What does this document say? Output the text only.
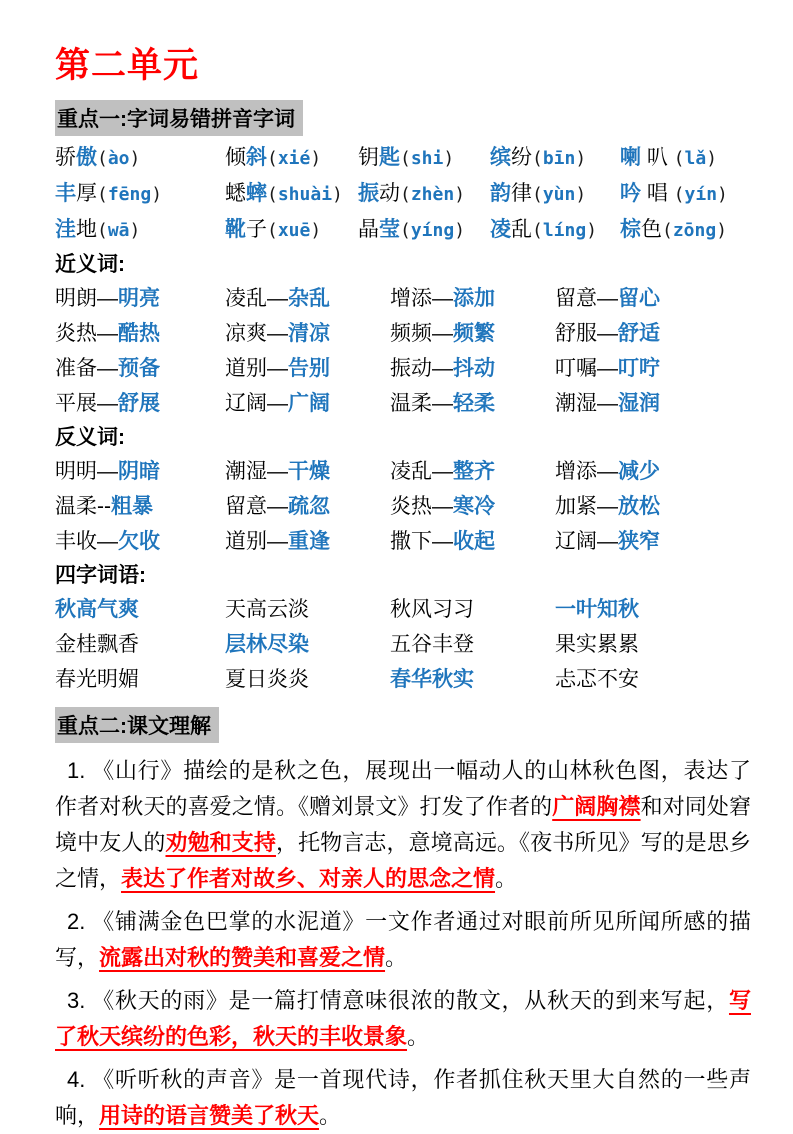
第二单元
重点一:字词易错拼音字词
骄傲(ào)	倾斜(xié)	钥匙(shi)	缤纷(bīn)	喇 叭 (lǎ)
丰厚(fēng)	蟋蟀(shuài) 振动(zhèn)	韵律(yùn)	吟 唱 (yín)
洼地(wā)	靴子(xuē)	晶莹(yíng)	凌乱(líng)	棕色(zōng)
近义词:
明朗—明亮	凌乱—杂乱	增添—添加	留意—留心
炎热—酷热	凉爽—清凉	频频—频繁	舒服—舒适
准备—预备	道别—告别	振动—抖动	叮嘱—叮咛
平展—舒展	辽阔—广阔	温柔—轻柔	潮湿—湿润
反义词:
明明—阴暗	潮湿—干燥	凌乱—整齐	增添—减少
温柔--粗暴	留意—疏忽	炎热—寒冷	加紧—放松
丰收—欠收	道别—重逢	撒下—收起	辽阔—狭窄
四字词语:
秋高气爽	天高云淡	秋风习习	一叶知秋
金桂飘香	层林尽染	五谷丰登	果实累累
春光明媚	夏日炎炎	春华秋实	忐忑不安
重点二:课文理解

1. 《山行》描绘的是秋之色，展现出一幅动人的山林秋色图，表达了作者对秋天的喜爱之情。《赠刘景文》打发了作者的广阔胸襟和对同处窘境中友人的劝勉和支持，托物言志，意境高远。《夜书所见》写的是思乡之情，表达了作者对故乡、对亲人的思念之情。

2. 《铺满金色巴掌的水泥道》一文作者通过对眼前所见所闻所感的描写，流露出对秋的赞美和喜爱之情。

3. 《秋天的雨》是一篇打情意味很浓的散文，从秋天的到来写起，写了秋天缤纷的色彩，秋天的丰收景象。

4. 《听听秋的声音》是一首现代诗，作者抓住秋天里大自然的一些声响，用诗的语言赞美了秋天。
